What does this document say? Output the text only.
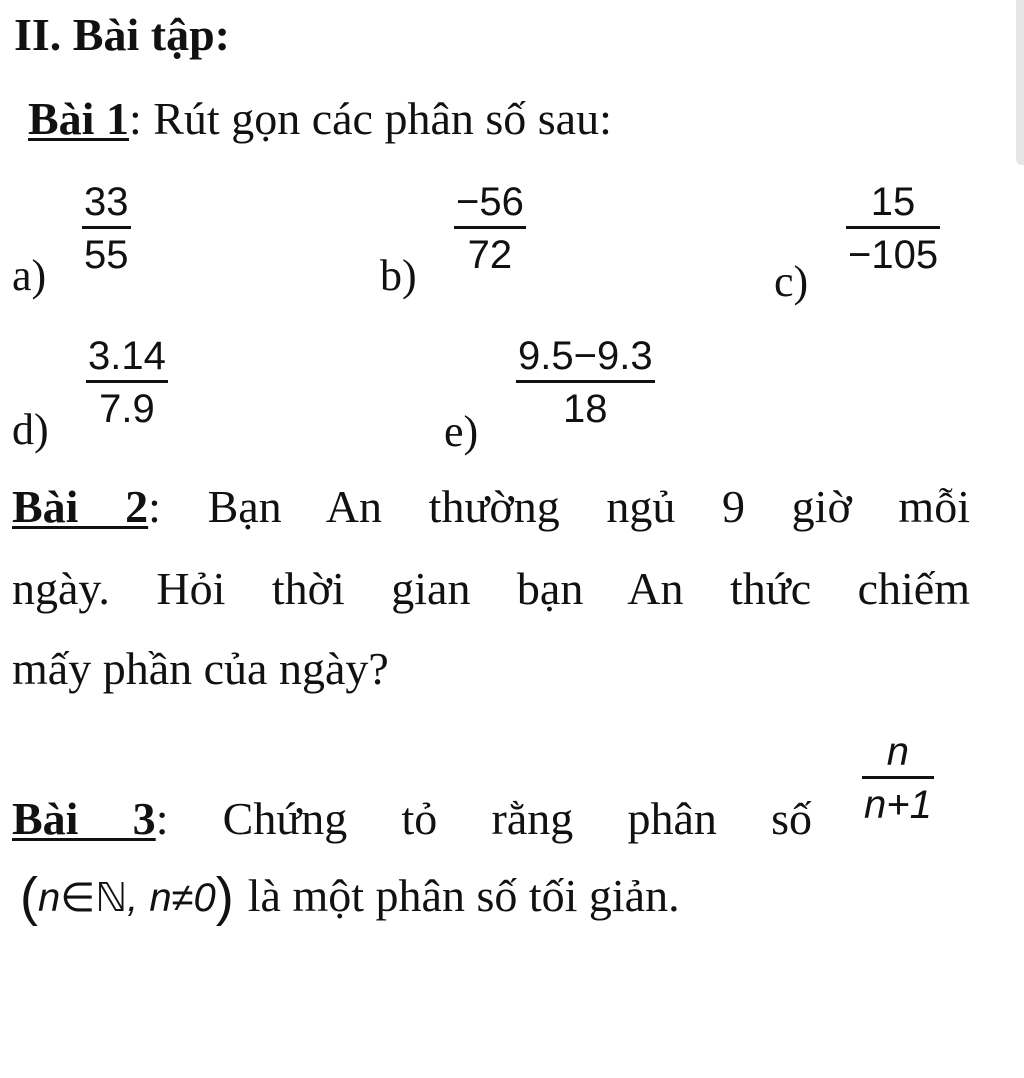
II. Bài tập:
Bài 1: Rút gọn các phân số sau:
a)
33
55	b)
−56
72
c)
15
−105
d)
3.14
7.9	e)
9.5−9.3
18
Bài 2: Bạn An thường ngủ 9 giờ mỗi
ngày. Hỏi thời gian bạn An thức chiếm
mấy phần của ngày?
Bài 3: Chứng tỏ rằng phân số
n
n+1
(n∈ℕ, n≠0) là một phân số tối giản.
